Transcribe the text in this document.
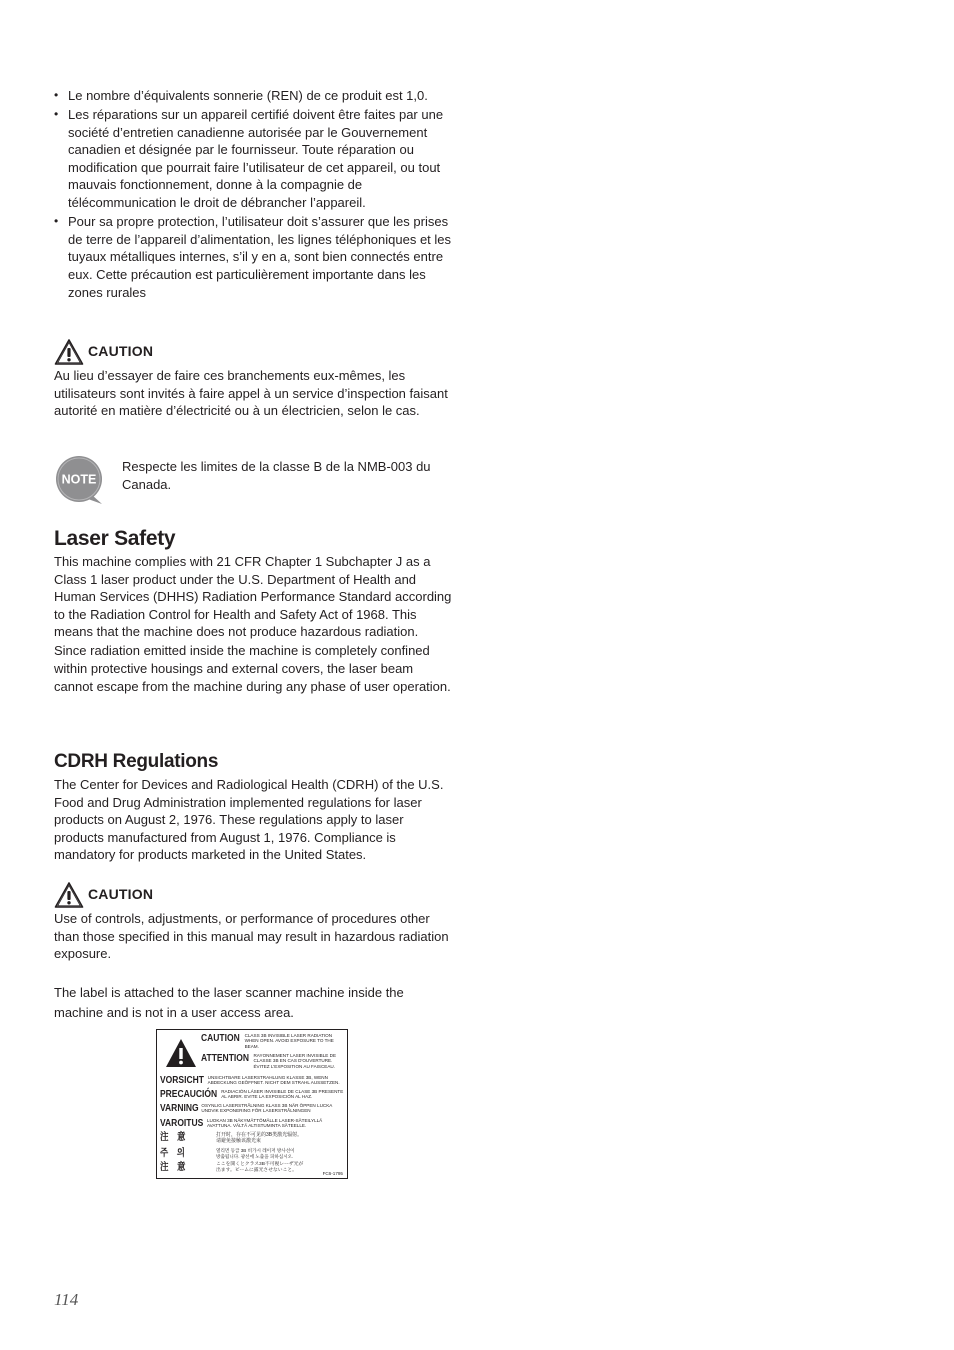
• Le nombre d’équivalents sonnerie (REN) de ce produit est 1,0.
• Les réparations sur un appareil certifié doivent être faites par une société d’entretien canadienne autorisée par le Gouvernement canadien et désignée par le fournisseur. Toute réparation ou modification que pourrait faire l’utilisateur de cet appareil, ou tout mauvais fonctionnement, donne à la compagnie de télécommunication le droit de débrancher l’appareil.
• Pour sa propre protection, l’utilisateur doit s’assurer que les prises de terre de l’appareil d’alimentation, les lignes téléphoniques et les tuyaux métalliques internes, s’il y en a, sont bien connectés entre eux. Cette précaution est particulièrement importante dans les zones rurales
CAUTION

Au lieu d’essayer de faire ces branchements eux-mêmes, les utilisateurs sont invités à faire appel à un service d’inspection faisant autorité en matière d’électricité ou à un électricien, selon le cas.

NOTE

Respecte les limites de la classe B de la NMB-003 du Canada.

Laser Safety

This machine complies with 21 CFR Chapter 1 Subchapter J as a Class 1 laser product under the U.S. Department of Health and Human Services (DHHS) Radiation Performance Standard according to the Radiation Control for Health and Safety Act of 1968. This means that the machine does not produce hazardous radiation.

Since radiation emitted inside the machine is completely confined within protective housings and external covers, the laser beam cannot escape from the machine during any phase of user operation.

CDRH Regulations

The Center for Devices and Radiological Health (CDRH) of the U.S. Food and Drug Administration implemented regulations for laser products on August 2, 1976. These regulations apply to laser products manufactured from August 1, 1976. Compliance is mandatory for products marketed in the United States.

CAUTION

Use of controls, adjustments, or performance of procedures other than those specified in this manual may result in hazardous radiation exposure.

The label is attached to the laser scanner machine inside the machine and is not in a user access area.

CAUTION CLASS 3B INVISIBLE LASER RADIATION
WHEN OPEN. AVOID EXPOSURE TO THE
BEAM.
ATTENTION RAYONNEMENT LASER INVISIBLE DE
CLASSE 3B EN CAS D'OUVERTURE.
ÉVITEZ L'EXPOSITION AU FAISCEAU.
VORSICHT UNSICHTBARE LASERSTRAHLUNG KLASSE 3B, WENN
ABDECKUNG GEÖFFNET. NICHT DEM STRAHL AUSSETZEN.
PRECAUCIÓN RADIACIÓN LÁSER INVISIBLE DE CLASE 3B PRESENTE
AL ABRIR. EVITE LA EXPOSICIÓN AL HAZ.
VARNING OSYNLIG LASERSTRÅLNING KLASS 3B NÄR ÖPPEN LUCKA
UNDVIK EXPONERING FÖR LASERSTRÅLNINGEN
VAROITUS LUOKAN 3B NÄKYMÄTTÖMÄLLE LASER-SÄTEILYLLÄ
AVATTUNA. VÄLTÄ ALTISTUMINTA SÄTEELLE.
注　意	打开时，存在不可见的3B类激光辐射。
请避免接触该激光束
주　의	열리면 등급 3B 비가시 레이저 방사선이
방출됩니다. 광선에 노출을 피하십시오.
注　意	ここを開くとクラス3B不可視レーザ光が
出ます。ビームに露光させないこと。
FC6-1795
114
